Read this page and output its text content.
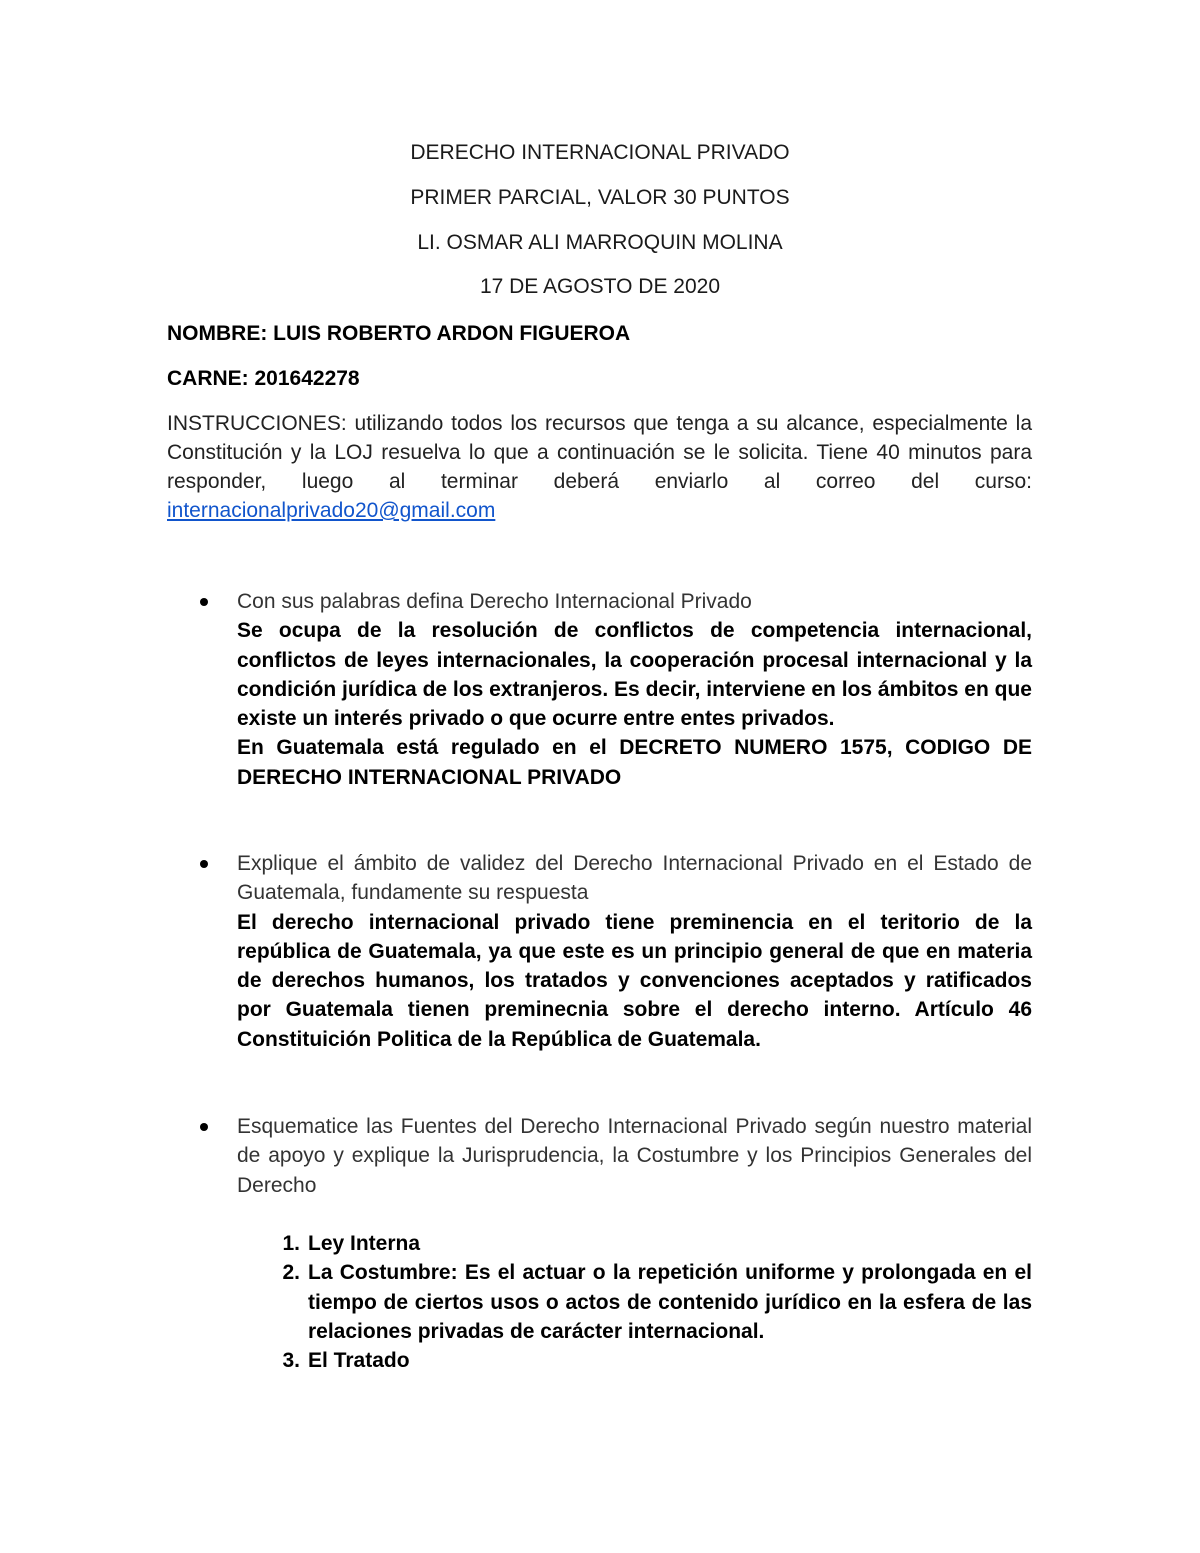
DERECHO INTERNACIONAL PRIVADO
PRIMER PARCIAL, VALOR 30 PUNTOS
LI. OSMAR ALI MARROQUIN MOLINA
17 DE AGOSTO DE 2020
NOMBRE: LUIS ROBERTO ARDON FIGUEROA
CARNE: 201642278
INSTRUCCIONES: utilizando todos los recursos que tenga a su alcance, especialmente la Constitución y la LOJ resuelva lo que a continuación se le solicita. Tiene 40 minutos para responder, luego al terminar deberá enviarlo al correo del curso: internacionalprivado20@gmail.com
Con sus palabras defina Derecho Internacional Privado
Se ocupa de la resolución de conflictos de competencia internacional, conflictos de leyes internacionales, la cooperación procesal internacional y la condición jurídica de los extranjeros. Es decir, interviene en los ámbitos en que existe un interés privado o que ocurre entre entes privados.
En Guatemala está regulado en el DECRETO NUMERO 1575, CODIGO DE DERECHO INTERNACIONAL PRIVADO
Explique el ámbito de validez del Derecho Internacional Privado en el Estado de Guatemala, fundamente su respuesta
El derecho internacional privado tiene preminencia en el teritorio de la república de Guatemala, ya que este es un principio general de que en materia de derechos humanos, los tratados y convenciones aceptados y ratificados por Guatemala tienen preminecnia sobre el derecho interno. Artículo 46 Constituición Politica de la República de Guatemala.
Esquematice las Fuentes del Derecho Internacional Privado según nuestro material de apoyo y explique la Jurisprudencia, la Costumbre y los Principios Generales del Derecho
1. Ley Interna
2. La Costumbre: Es el actuar o la repetición uniforme y prolongada en el tiempo de ciertos usos o actos de contenido jurídico en la esfera de las relaciones privadas de carácter internacional.
3. El Tratado
